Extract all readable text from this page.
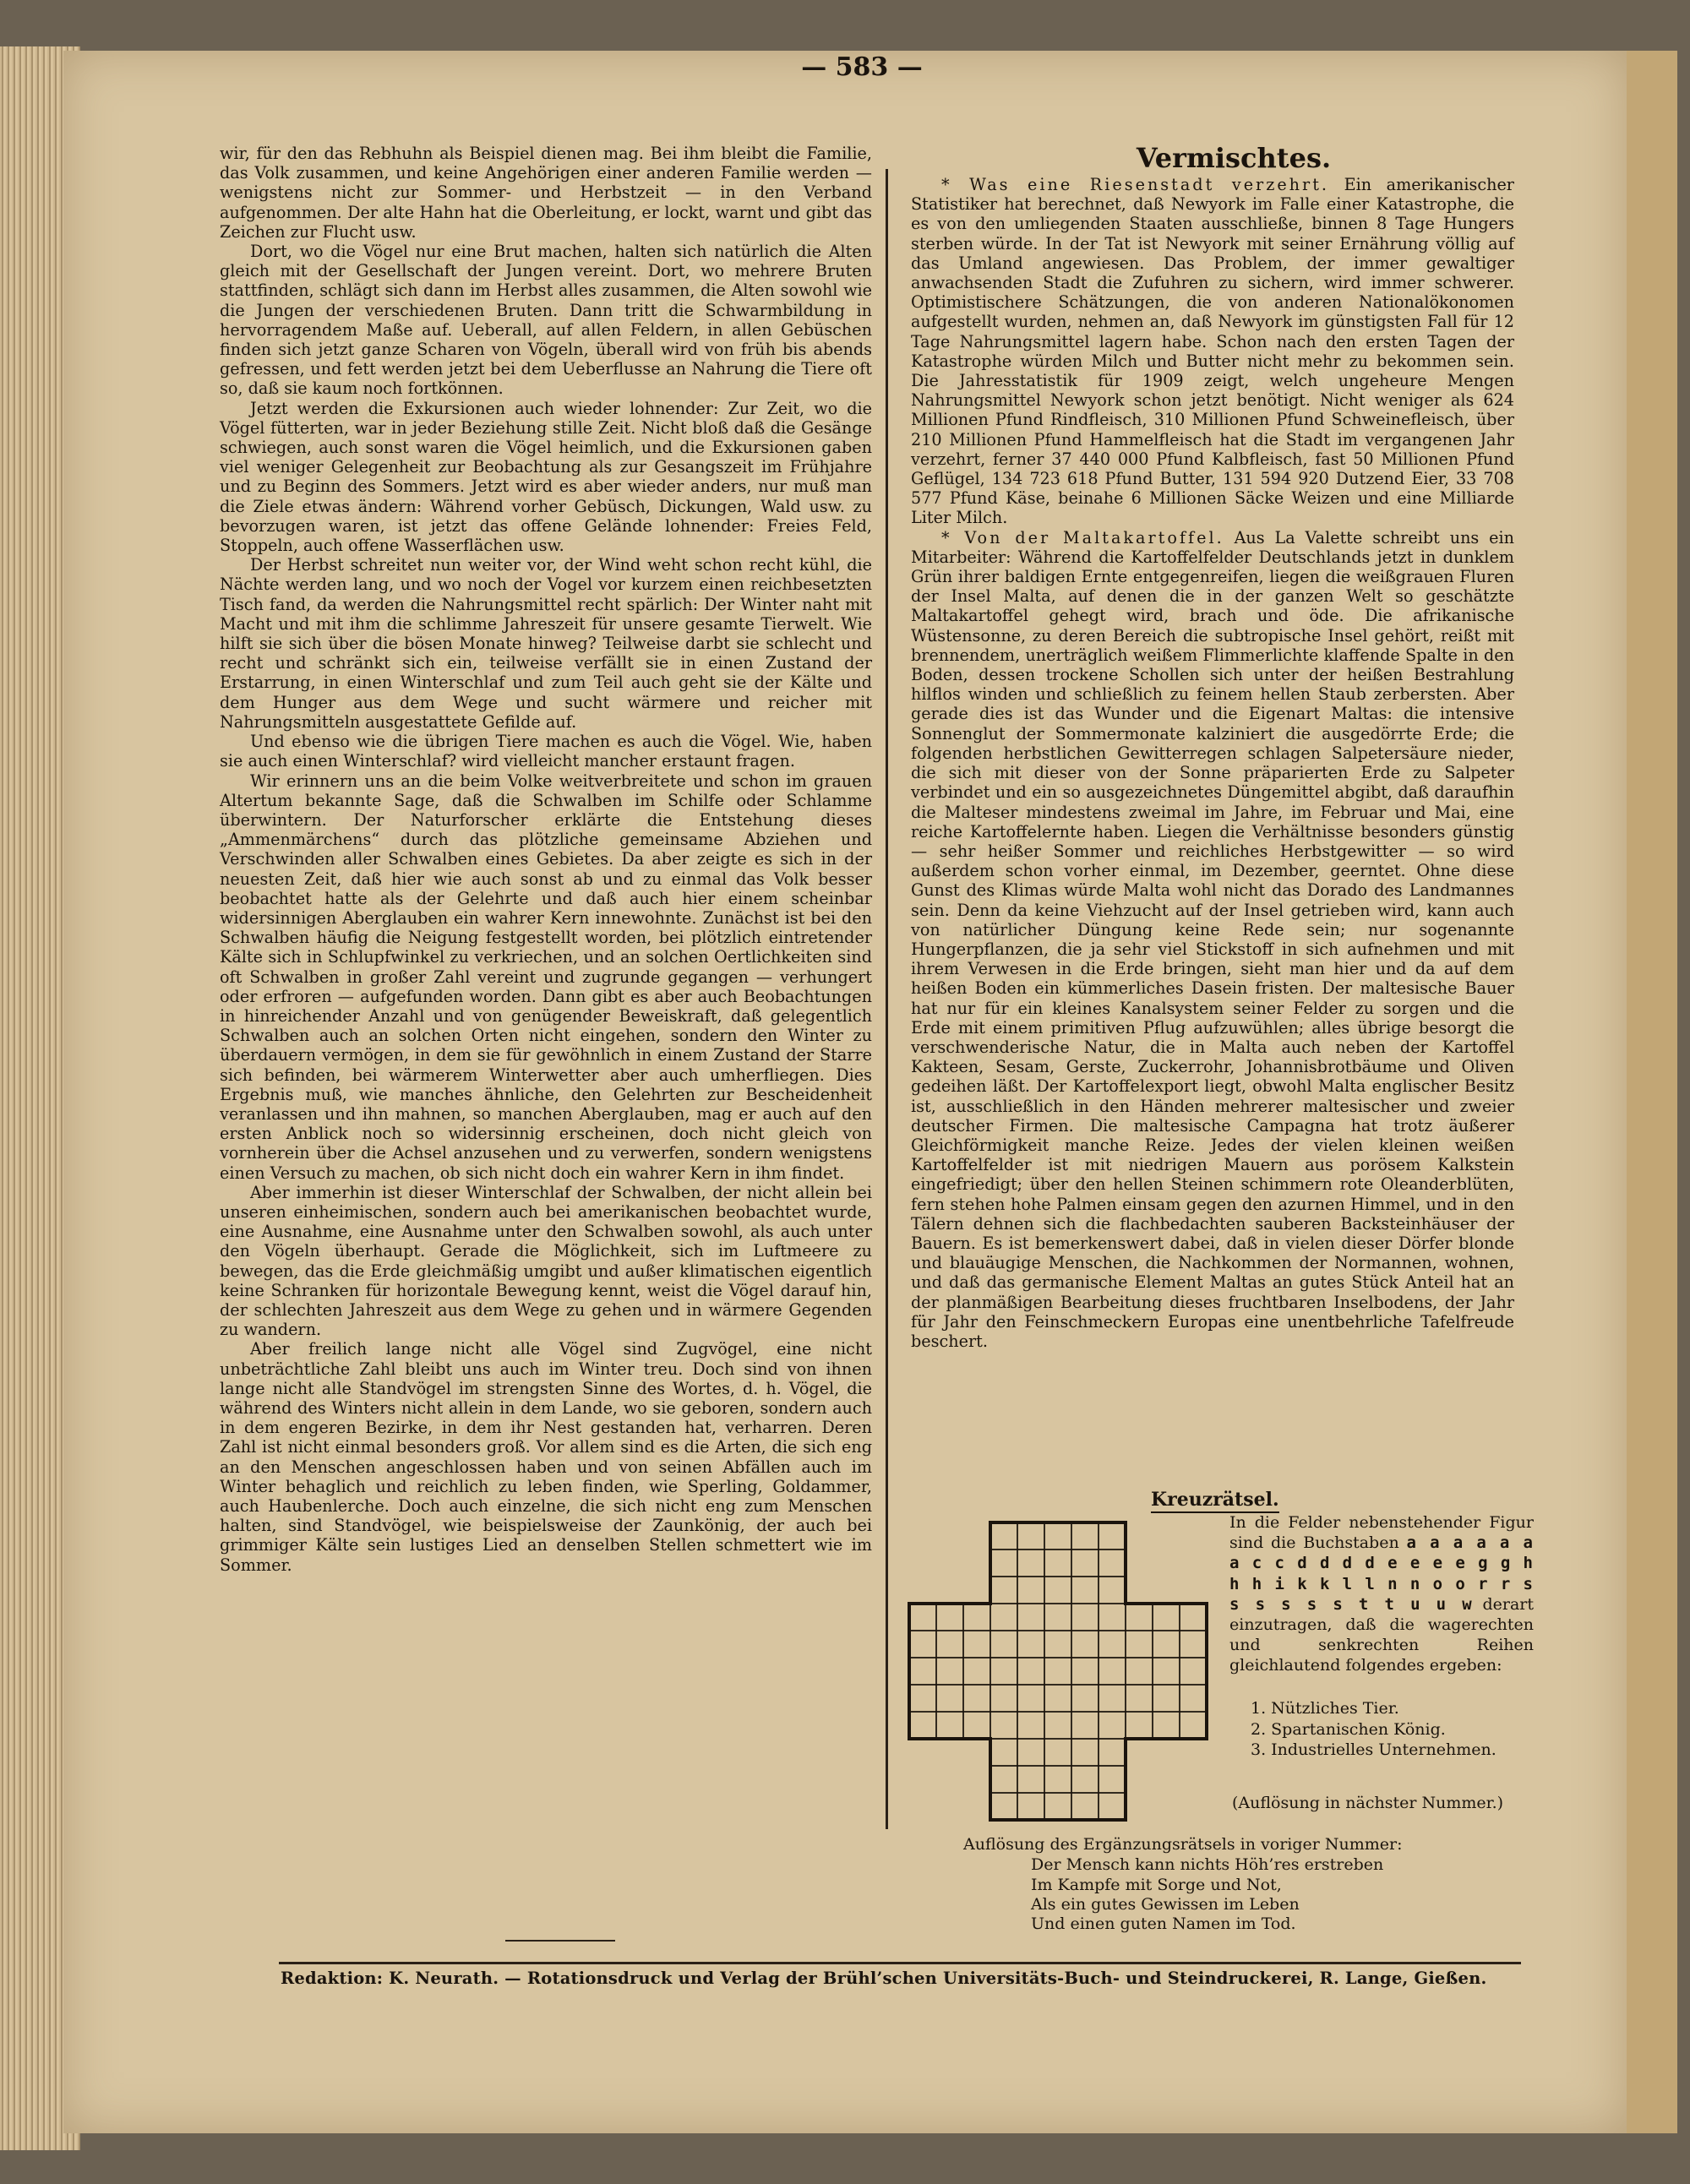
— 583 —

wir, für den das Rebhuhn als Beispiel dienen mag. Bei ihm bleibt die Familie, das Volk zusammen, und keine Angehörigen einer anderen Familie werden — wenigstens nicht zur Sommer- und Herbstzeit — in den Verband aufgenommen. Der alte Hahn hat die Oberleitung, er lockt, warnt und gibt das Zeichen zur Flucht usw.

Dort, wo die Vögel nur eine Brut machen, halten sich natürlich die Alten gleich mit der Gesellschaft der Jungen vereint. Dort, wo mehrere Bruten stattfinden, schlägt sich dann im Herbst alles zusammen, die Alten sowohl wie die Jungen der verschiedenen Bruten. Dann tritt die Schwarmbildung in hervorragendem Maße auf. Ueberall, auf allen Feldern, in allen Gebüschen finden sich jetzt ganze Scharen von Vögeln, überall wird von früh bis abends gefressen, und fett werden jetzt bei dem Ueberflusse an Nahrung die Tiere oft so, daß sie kaum noch fortkönnen.

Jetzt werden die Exkursionen auch wieder lohnender: Zur Zeit, wo die Vögel fütterten, war in jeder Beziehung stille Zeit. Nicht bloß daß die Gesänge schwiegen, auch sonst waren die Vögel heimlich, und die Exkursionen gaben viel weniger Gelegenheit zur Beobachtung als zur Gesangszeit im Frühjahre und zu Beginn des Sommers. Jetzt wird es aber wieder anders, nur muß man die Ziele etwas ändern: Während vorher Gebüsch, Dickungen, Wald usw. zu bevorzugen waren, ist jetzt das offene Gelände lohnender: Freies Feld, Stoppeln, auch offene Wasserflächen usw.

Der Herbst schreitet nun weiter vor, der Wind weht schon recht kühl, die Nächte werden lang, und wo noch der Vogel vor kurzem einen reichbesetzten Tisch fand, da werden die Nahrungsmittel recht spärlich: Der Winter naht mit Macht und mit ihm die schlimme Jahreszeit für unsere gesamte Tierwelt. Wie hilft sie sich über die bösen Monate hinweg? Teilweise darbt sie schlecht und recht und schränkt sich ein, teilweise verfällt sie in einen Zustand der Erstarrung, in einen Winterschlaf und zum Teil auch geht sie der Kälte und dem Hunger aus dem Wege und sucht wärmere und reicher mit Nahrungsmitteln ausgestattete Gefilde auf.

Und ebenso wie die übrigen Tiere machen es auch die Vögel. Wie, haben sie auch einen Winterschlaf? wird vielleicht mancher erstaunt fragen.

Wir erinnern uns an die beim Volke weitverbreitete und schon im grauen Altertum bekannte Sage, daß die Schwalben im Schilfe oder Schlamme überwintern. Der Naturforscher erklärte die Entstehung dieses „Ammenmärchens“ durch das plötzliche gemeinsame Abziehen und Verschwinden aller Schwalben eines Gebietes. Da aber zeigte es sich in der neuesten Zeit, daß hier wie auch sonst ab und zu einmal das Volk besser beobachtet hatte als der Gelehrte und daß auch hier einem scheinbar widersinnigen Aberglauben ein wahrer Kern innewohnte. Zunächst ist bei den Schwalben häufig die Neigung festgestellt worden, bei plötzlich eintretender Kälte sich in Schlupfwinkel zu verkriechen, und an solchen Oertlichkeiten sind oft Schwalben in großer Zahl vereint und zugrunde gegangen — verhungert oder erfroren — aufgefunden worden. Dann gibt es aber auch Beobachtungen in hinreichender Anzahl und von genügender Beweiskraft, daß gelegentlich Schwalben auch an solchen Orten nicht eingehen, sondern den Winter zu überdauern vermögen, in dem sie für gewöhnlich in einem Zustand der Starre sich befinden, bei wärmerem Winterwetter aber auch umherfliegen. Dies Ergebnis muß, wie manches ähnliche, den Gelehrten zur Bescheidenheit veranlassen und ihn mahnen, so manchen Aberglauben, mag er auch auf den ersten Anblick noch so widersinnig erscheinen, doch nicht gleich von vornherein über die Achsel anzusehen und zu verwerfen, sondern wenigstens einen Versuch zu machen, ob sich nicht doch ein wahrer Kern in ihm findet.

Aber immerhin ist dieser Winterschlaf der Schwalben, der nicht allein bei unseren einheimischen, sondern auch bei amerikanischen beobachtet wurde, eine Ausnahme, eine Ausnahme unter den Schwalben sowohl, als auch unter den Vögeln überhaupt. Gerade die Möglichkeit, sich im Luftmeere zu bewegen, das die Erde gleichmäßig umgibt und außer klimatischen eigentlich keine Schranken für horizontale Bewegung kennt, weist die Vögel darauf hin, der schlechten Jahreszeit aus dem Wege zu gehen und in wärmere Gegenden zu wandern.

Aber freilich lange nicht alle Vögel sind Zugvögel, eine nicht unbeträchtliche Zahl bleibt uns auch im Winter treu. Doch sind von ihnen lange nicht alle Standvögel im strengsten Sinne des Wortes, d. h. Vögel, die während des Winters nicht allein in dem Lande, wo sie geboren, sondern auch in dem engeren Bezirke, in dem ihr Nest gestanden hat, verharren. Deren Zahl ist nicht einmal besonders groß. Vor allem sind es die Arten, die sich eng an den Menschen angeschlossen haben und von seinen Abfällen auch im Winter behaglich und reichlich zu leben finden, wie Sperling, Goldammer, auch Haubenlerche. Doch auch einzelne, die sich nicht eng zum Menschen halten, sind Standvögel, wie beispielsweise der Zaunkönig, der auch bei grimmiger Kälte sein lustiges Lied an denselben Stellen schmettert wie im Sommer.

Vermischtes.

* Was eine Riesenstadt verzehrt. Ein amerikanischer Statistiker hat berechnet, daß Newyork im Falle einer Katastrophe, die es von den umliegenden Staaten ausschließe, binnen 8 Tage Hungers sterben würde. In der Tat ist Newyork mit seiner Ernährung völlig auf das Umland angewiesen. Das Problem, der immer gewaltiger anwachsenden Stadt die Zufuhren zu sichern, wird immer schwerer. Optimistischere Schätzungen, die von anderen Nationalökonomen aufgestellt wurden, nehmen an, daß Newyork im günstigsten Fall für 12 Tage Nahrungsmittel lagern habe. Schon nach den ersten Tagen der Katastrophe würden Milch und Butter nicht mehr zu bekommen sein. Die Jahresstatistik für 1909 zeigt, welch ungeheure Mengen Nahrungsmittel Newyork schon jetzt benötigt. Nicht weniger als 624 Millionen Pfund Rindfleisch, 310 Millionen Pfund Schweinefleisch, über 210 Millionen Pfund Hammelfleisch hat die Stadt im vergangenen Jahr verzehrt, ferner 37 440 000 Pfund Kalbfleisch, fast 50 Millionen Pfund Geflügel, 134 723 618 Pfund Butter, 131 594 920 Dutzend Eier, 33 708 577 Pfund Käse, beinahe 6 Millionen Säcke Weizen und eine Milliarde Liter Milch.

* Von der Maltakartoffel. Aus La Valette schreibt uns ein Mitarbeiter: Während die Kartoffelfelder Deutschlands jetzt in dunklem Grün ihrer baldigen Ernte entgegenreifen, liegen die weißgrauen Fluren der Insel Malta, auf denen die in der ganzen Welt so geschätzte Maltakartoffel gehegt wird, brach und öde. Die afrikanische Wüstensonne, zu deren Bereich die subtropische Insel gehört, reißt mit brennendem, unerträglich weißem Flimmerlichte klaffende Spalte in den Boden, dessen trockene Schollen sich unter der heißen Bestrahlung hilflos winden und schließlich zu feinem hellen Staub zerbersten. Aber gerade dies ist das Wunder und die Eigenart Maltas: die intensive Sonnenglut der Sommermonate kalziniert die ausgedörrte Erde; die folgenden herbstlichen Gewitterregen schlagen Salpetersäure nieder, die sich mit dieser von der Sonne präparierten Erde zu Salpeter verbindet und ein so ausgezeichnetes Düngemittel abgibt, daß daraufhin die Malteser mindestens zweimal im Jahre, im Februar und Mai, eine reiche Kartoffelernte haben. Liegen die Verhältnisse besonders günstig — sehr heißer Sommer und reichliches Herbstgewitter — so wird außerdem schon vorher einmal, im Dezember, geerntet. Ohne diese Gunst des Klimas würde Malta wohl nicht das Dorado des Landmannes sein. Denn da keine Viehzucht auf der Insel getrieben wird, kann auch von natürlicher Düngung keine Rede sein; nur sogenannte Hungerpflanzen, die ja sehr viel Stickstoff in sich aufnehmen und mit ihrem Verwesen in die Erde bringen, sieht man hier und da auf dem heißen Boden ein kümmerliches Dasein fristen. Der maltesische Bauer hat nur für ein kleines Kanalsystem seiner Felder zu sorgen und die Erde mit einem primitiven Pflug aufzuwühlen; alles übrige besorgt die verschwenderische Natur, die in Malta auch neben der Kartoffel Kakteen, Sesam, Gerste, Zuckerrohr, Johannisbrotbäume und Oliven gedeihen läßt. Der Kartoffelexport liegt, obwohl Malta englischer Besitz ist, ausschließlich in den Händen mehrerer maltesischer und zweier deutscher Firmen. Die maltesische Campagna hat trotz äußerer Gleichförmigkeit manche Reize. Jedes der vielen kleinen weißen Kartoffelfelder ist mit niedrigen Mauern aus porösem Kalkstein eingefriedigt; über den hellen Steinen schimmern rote Oleanderblüten, fern stehen hohe Palmen einsam gegen den azurnen Himmel, und in den Tälern dehnen sich die flachbedachten sauberen Backsteinhäuser der Bauern. Es ist bemerkenswert dabei, daß in vielen dieser Dörfer blonde und blauäugige Menschen, die Nachkommen der Normannen, wohnen, und daß das germanische Element Maltas an gutes Stück Anteil hat an der planmäßigen Bearbeitung dieses fruchtbaren Inselbodens, der Jahr für Jahr den Feinschmeckern Europas eine unentbehrliche Tafelfreude beschert.

Kreuzrätsel.

In die Felder nebenstehender Figur sind die Buchstaben a a a a a a a c c d d d d e e e e g g h h h i k k l l n n o o r r s s s s s s t t u u w derart einzutragen, daß die wagerechten und senkrechten Reihen gleichlautend folgendes ergeben:

1. Nützliches Tier.
2. Spartanischen König.
3. Industrielles Unternehmen.
(Auflösung in nächster Nummer.)
Auflösung des Ergänzungsrätsels in voriger Nummer:
Der Mensch kann nichts Höh’res erstreben
Im Kampfe mit Sorge und Not,
Als ein gutes Gewissen im Leben
Und einen guten Namen im Tod.
Redaktion: K. Neurath. — Rotationsdruck und Verlag der Brühl’schen Universitäts-Buch- und Steindruckerei, R. Lange, Gießen.
